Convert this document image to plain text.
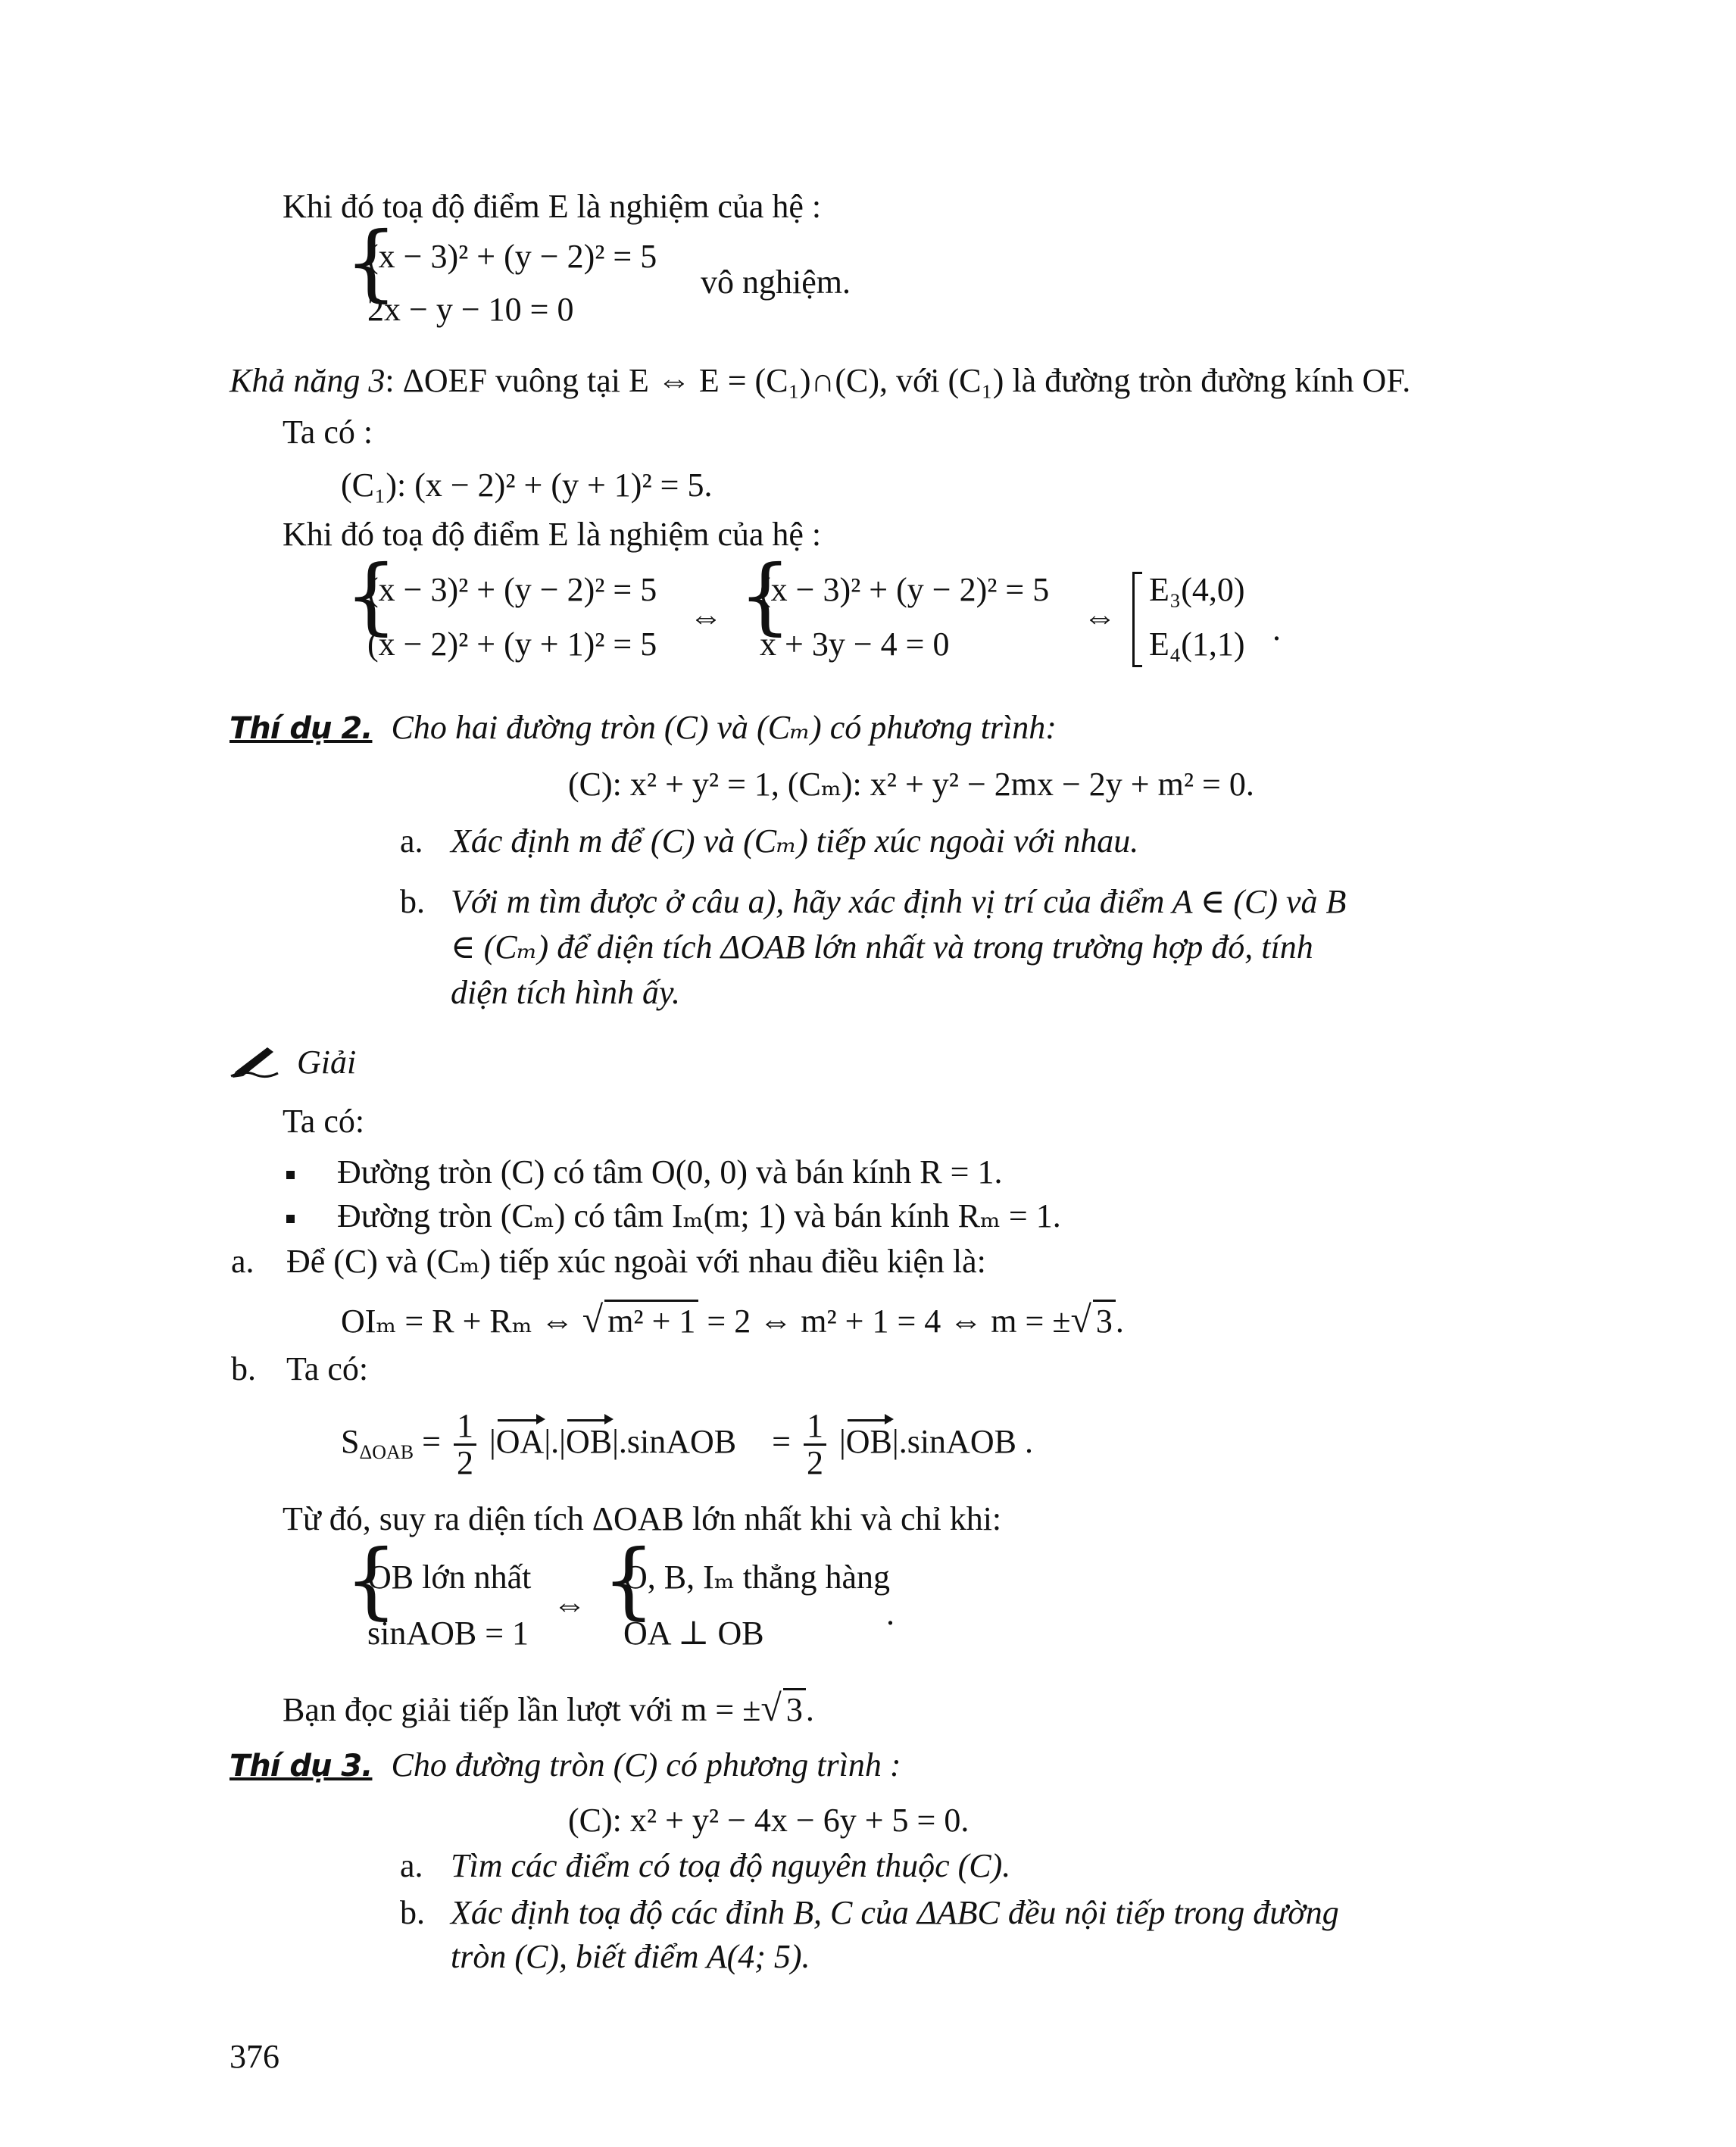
Khi đó toạ độ điểm E là nghiệm của hệ :
{
(x − 3)² + (y − 2)² = 5
2x − y − 10 = 0
vô nghiệm.
Khả năng 3: ΔOEF vuông tại E ⇔ E = (C₁)∩(C), với (C₁) là đường tròn đường kính OF.
Ta có :
(C₁): (x − 2)² + (y + 1)² = 5.
Khi đó toạ độ điểm E là nghiệm của hệ :
{
(x − 3)² + (y − 2)² = 5
(x − 2)² + (y + 1)² = 5
⇔ {
(x − 3)² + (y − 2)² = 5
x + 3y − 4 = 0
⇔
E₃(4,0)
E₄(1,1) .
Thí dụ 2. Cho hai đường tròn (C) và (Cₘ) có phương trình:
(C): x² + y² = 1, (Cₘ): x² + y² − 2mx − 2y + m² = 0.
a. Xác định m để (C) và (Cₘ) tiếp xúc ngoài với nhau.
b. Với m tìm được ở câu a), hãy xác định vị trí của điểm A ∈ (C) và B
∈ (Cₘ) để diện tích ΔOAB lớn nhất và trong trường hợp đó, tính
diện tích hình ấy.
Giải
Ta có:
Đường tròn (C) có tâm O(0, 0) và bán kính R = 1.
Đường tròn (Cₘ) có tâm Iₘ(m; 1) và bán kính Rₘ = 1.
a. Để (C) và (Cₘ) tiếp xúc ngoài với nhau điều kiện là:
OIₘ = R + Rₘ ⇔ √ m² + 1 = 2 ⇔ m² + 1 = 4 ⇔ m = ±√ 3.
b. Ta có:
$S_{\Delta OAB} = \frac{1}{2}$ |OA|.|OB|.sinAOB = $\frac{1}{2}$ |OB|.sinAOB .
Từ đó, suy ra diện tích ΔOAB lớn nhất khi và chỉ khi:
{
OB lớn nhất
sinAOB = 1
⇔ {
O, B, Iₘ thẳng hàng
OA ⊥ OB
.
Bạn đọc giải tiếp lần lượt với m = ±√ 3.
Thí dụ 3. Cho đường tròn (C) có phương trình :
(C): x² + y² − 4x − 6y + 5 = 0.
a. Tìm các điểm có toạ độ nguyên thuộc (C).
b. Xác định toạ độ các đỉnh B, C của ΔABC đều nội tiếp trong đường
tròn (C), biết điểm A(4; 5).
376
